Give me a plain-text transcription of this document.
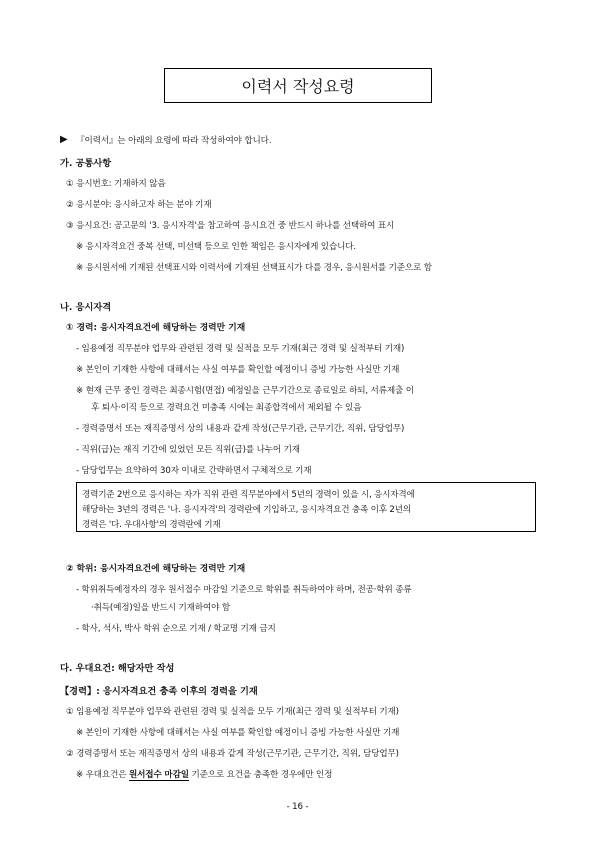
이력서 작성요령
▶ 『이력서』는 아래의 요령에 따라 작성하여야 합니다.
가. 공통사항
① 응시번호: 기재하지 않음
② 응시분야: 응시하고자 하는 분야 기재
③ 응시요건: 공고문의 '3. 응시자격'을 참고하여 응시요건 중 반드시 하나를 선택하여 표시
※ 응시자격요건 중복 선택, 미선택 등으로 인한 책임은 응시자에게 있습니다.
※ 응시원서에 기재된 선택표시와 이력서에 기재된 선택표시가 다를 경우, 응시원서를 기준으로 함
나. 응시자격
① 경력: 응시자격요건에 해당하는 경력만 기재
- 임용예정 직무분야 업무와 관련된 경력 및 실적을 모두 기재(최근 경력 및 실적부터 기재)
※ 본인이 기재한 사항에 대해서는 사실 여부를 확인할 예정이니 증빙 가능한 사실만 기재
※ 현재 근무 중인 경력은 최종시험(면접) 예정일을 근무기간으로 종료일로 하되, 서류제출 이
후 퇴사·이직 등으로 경력요건 미충족 시에는 최종합격에서 제외될 수 있음
- 경력증명서 또는 재직증명서 상의 내용과 같게 작성(근무기관, 근무기간, 직위, 담당업무)
- 직위(급)는 재직 기간에 있었던 모든 직위(급)를 나누어 기재
- 담당업무는 요약하여 30자 이내로 간략하면서 구체적으로 기재
경력기준 2번으로 응시하는 자가 직위 관련 직무분야에서 5년의 경력이 있을 시, 응시자격에
해당하는 3년의 경력은 '나. 응시자격'의 경력란에 기입하고, 응시자격요건 충족 이후 2년의
경력은 '다. 우대사항'의 경력란에 기재
② 학위: 응시자격요건에 해당하는 경력만 기재
- 학위취득예정자의 경우 원서접수 마감일 기준으로 학위를 취득하여야 하며, 전공·학위 종류
·취득(예정)일을 반드시 기재하여야 함
- 학사, 석사, 박사 학위 순으로 기재 / 학교명 기재 금지
다. 우대요건: 해당자만 작성
【경력】: 응시자격요건 충족 이후의 경력을 기재
① 임용예정 직무분야 업무와 관련된 경력 및 실적을 모두 기재(최근 경력 및 실적부터 기재)
※ 본인이 기재한 사항에 대해서는 사실 여부를 확인할 예정이니 증빙 가능한 사실만 기재
② 경력증명서 또는 재직증명서 상의 내용과 같게 작성(근무기관, 근무기간, 직위, 담당업무)
※ 우대요건은 원서접수 마감일 기준으로 요건을 충족한 경우에만 인정
- 16 -
